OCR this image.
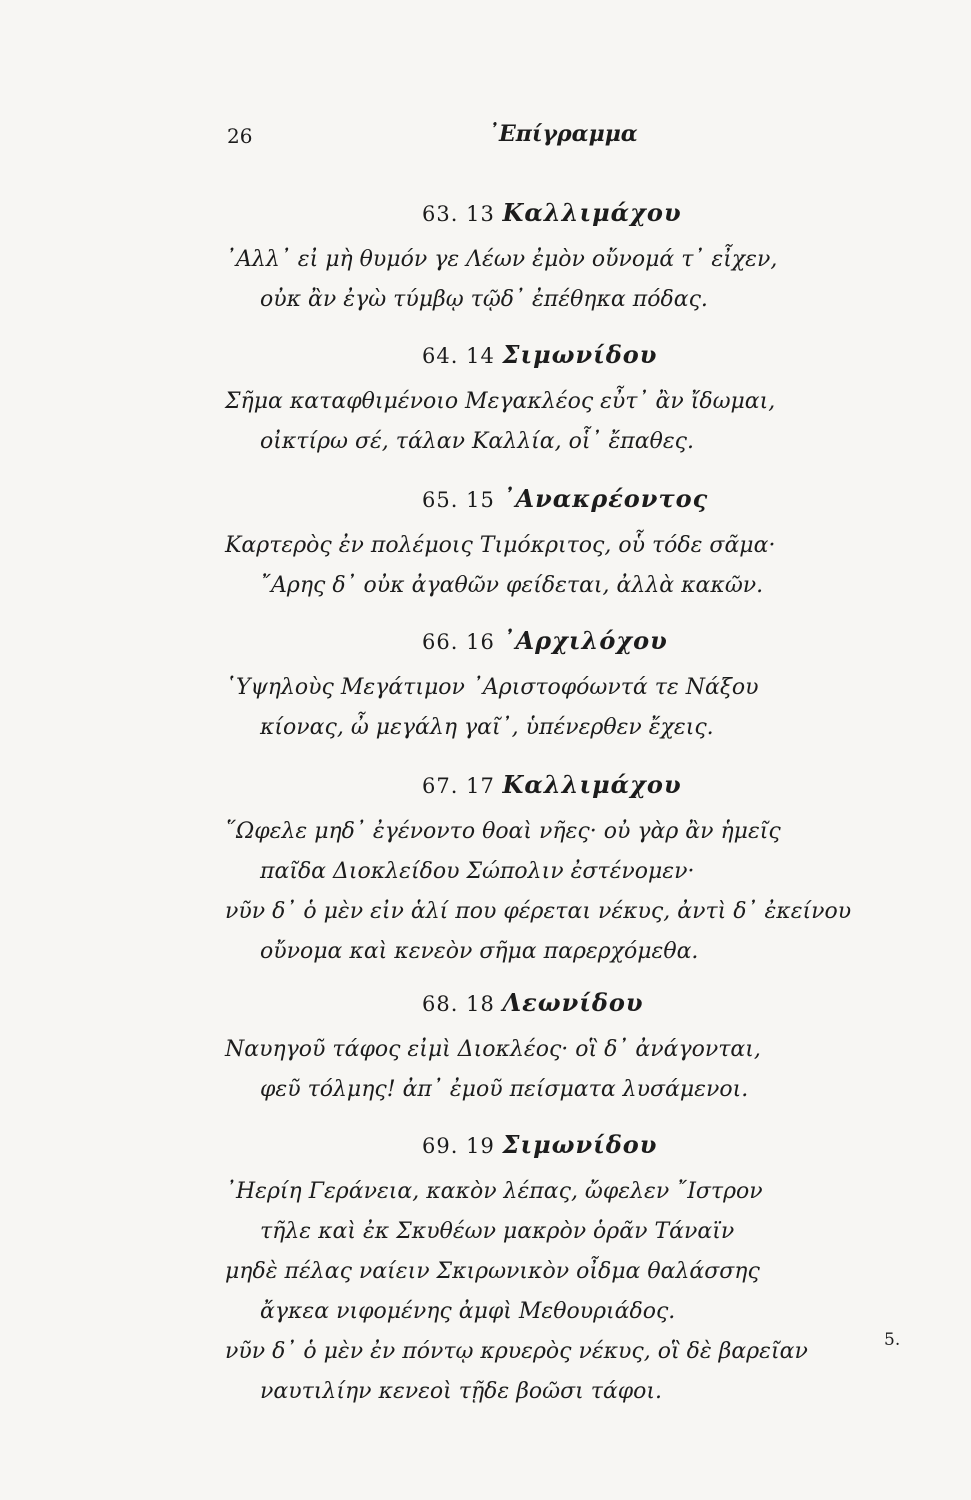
26	᾿Επίγραμμα
63. 13 Καλλιμάχου
᾿Αλλ᾿ εἰ μὴ θυμόν γε Λέων ἐμὸν οὔνομά τ᾿ εἶχεν,
οὐκ ἂν ἐγὼ τύμβῳ τῷδ᾿ ἐπέθηκα πόδας.
64. 14 Σιμωνίδου
Σῆμα καταφθιμένοιο Μεγακλέος εὖτ᾿ ἂν ἴδωμαι,
οἰκτίρω σέ, τάλαν Καλλία, οἷ᾿ ἔπαθες.
65. 15 ᾿Ανακρέοντος
Καρτερὸς ἐν πολέμοις Τιμόκριτος, οὗ τόδε σᾶμα·
῎Αρης δ᾿ οὐκ ἀγαθῶν φείδεται, ἀλλὰ κακῶν.
66. 16 ᾿Αρχιλόχου
῾Υψηλοὺς Μεγάτιμον ᾿Αριστοφόωντά τε Νάξου
κίονας, ὦ μεγάλη γαῖ᾿, ὑπένερθεν ἔχεις.
67. 17 Καλλιμάχου
῞Ωφελε μηδ᾿ ἐγένοντο θοαὶ νῆες· οὐ γὰρ ἂν ἡμεῖς
παῖδα Διοκλείδου Σώπολιν ἐστένομεν·
νῦν δ᾿ ὁ μὲν εἰν ἁλί που φέρεται νέκυς, ἀντὶ δ᾿ ἐκείνου
οὔνομα καὶ κενεὸν σῆμα παρερχόμεθα.
68. 18 Λεωνίδου
Ναυηγοῦ τάφος εἰμὶ Διοκλέος· οἳ δ᾿ ἀνάγονται,
φεῦ τόλμης! ἀπ᾿ ἐμοῦ πείσματα λυσάμενοι.
69. 19 Σιμωνίδου
᾿Ηερίη Γεράνεια, κακὸν λέπας, ὤφελεν ῎Ιστρον
τῆλε καὶ ἐκ Σκυθέων μακρὸν ὁρᾶν Τάναϊν
μηδὲ πέλας ναίειν Σκιρωνικὸν οἶδμα θαλάσσης
ἄγκεα νιφομένης ἀμφὶ Μεθουριάδος.
νῦν δ᾿ ὁ μὲν ἐν πόντῳ κρυερὸς νέκυς, οἳ δὲ βαρεῖαν
ναυτιλίην κενεοὶ τῇδε βοῶσι τάφοι.
5.
